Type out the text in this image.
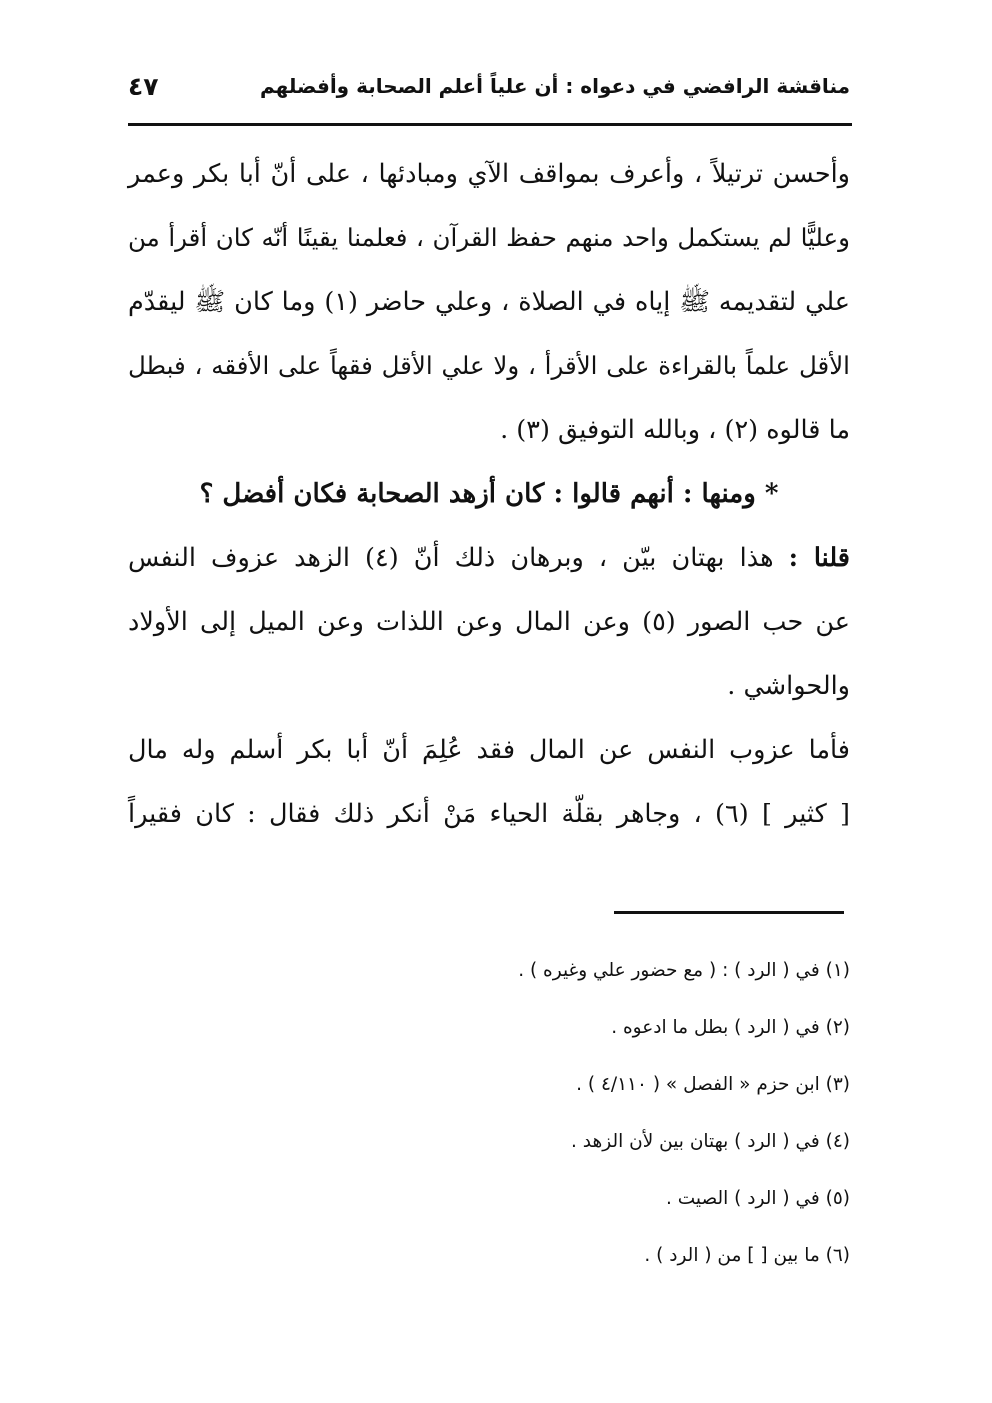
مناقشة الرافضي في دعواه : أن علياً أعلم الصحابة وأفضلهم
٤٧
وأحسن ترتيلاً ، وأعرف بمواقف الآي ومبادئها ، على أنّ أبا بكر وعمر
وعليًّا لم يستكمل واحد منهم حفظ القرآن ، فعلمنا يقينًا أنّه كان أقرأ من
علي لتقديمه ﷺ إياه في الصلاة ، وعلي حاضر (١) وما كان ﷺ ليقدّم
الأقل علماً بالقراءة على الأقرأ ، ولا علي الأقل فقهاً على الأفقه ، فبطل
ما قالوه (٢) ، وبالله التوفيق (٣) .
* ومنها : أنهم قالوا : كان أزهد الصحابة فكان أفضل ؟
قلنا : هذا بهتان بيّن ، وبرهان ذلك أنّ (٤) الزهد عزوف النفس
عن حب الصور (٥) وعن المال وعن اللذات وعن الميل إلى الأولاد
والحواشي .
فأما عزوب النفس عن المال فقد عُلِمَ أنّ أبا بكر أسلم وله مال
[ كثير ] (٦) ، وجاهر بقلّة الحياء مَنْ أنكر ذلك فقال : كان فقيراً
(١) في ( الرد ) : ( مع حضور علي وغيره ) .
(٢) في ( الرد ) بطل ما ادعوه .
(٣) ابن حزم « الفصل » ( ٤/١١٠ ) .
(٤) في ( الرد ) بهتان بين لأن الزهد .
(٥) في ( الرد ) الصيت .
(٦) ما بين [ ] من ( الرد ) .
